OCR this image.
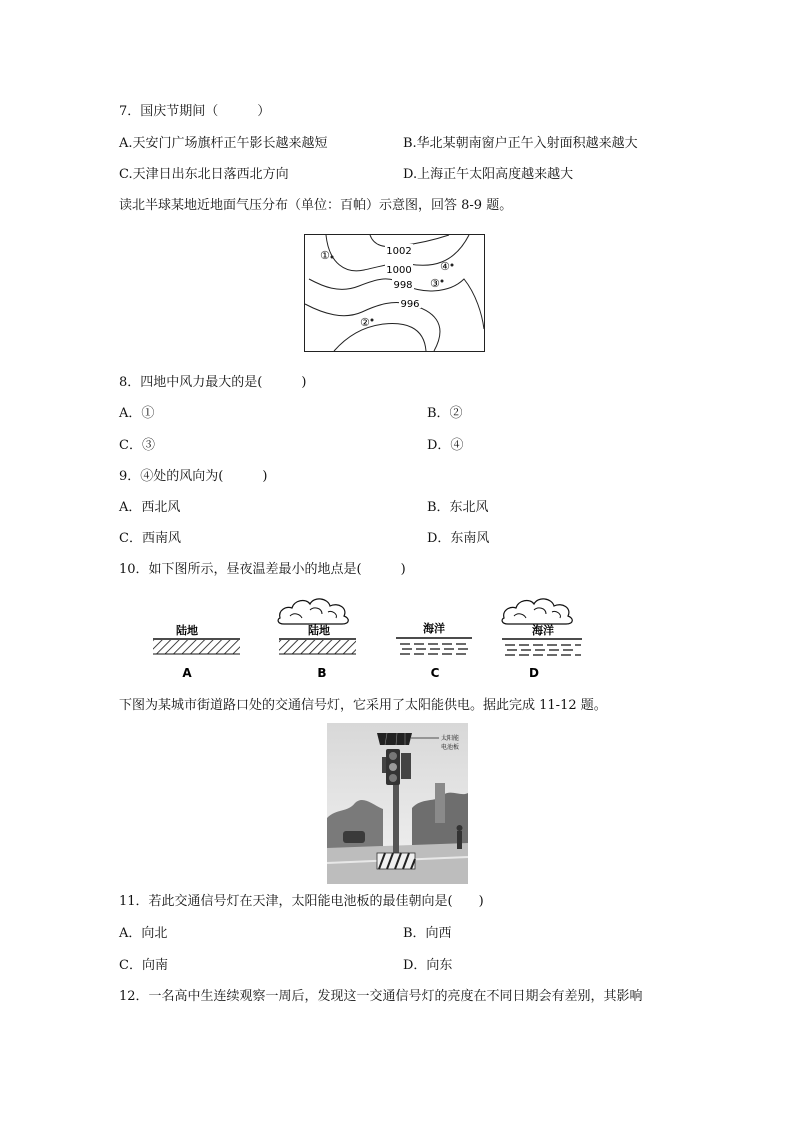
7．国庆节期间（　　　）
A.天安门广场旗杆正午影长越来越短	B.华北某朝南窗户正午入射面积越来越大
C.天津日出东北日落西北方向	D.上海正午太阳高度越来越大
读北半球某地近地面气压分布（单位：百帕）示意图，回答 8-9 题。
1002
1000
998
996
①
②
③
④
8．四地中风力最大的是(　　　)
A．①	B．②
C．③	D．④
9．④处的风向为(　　　)
A．西北风	B．东北风
C．西南风	D．东南风
10．如下图所示，昼夜温差最小的地点是(　　　)
陆地
A
陆地
B
海洋
C
海洋
D
下图为某城市街道路口处的交通信号灯，它采用了太阳能供电。据此完成 11-12 题。
太阳能
电池板
11．若此交通信号灯在天津，太阳能电池板的最佳朝向是(　　)
A．向北	B．向西
C．向南	D．向东
12．一名高中生连续观察一周后，发现这一交通信号灯的亮度在不同日期会有差别，其影响
